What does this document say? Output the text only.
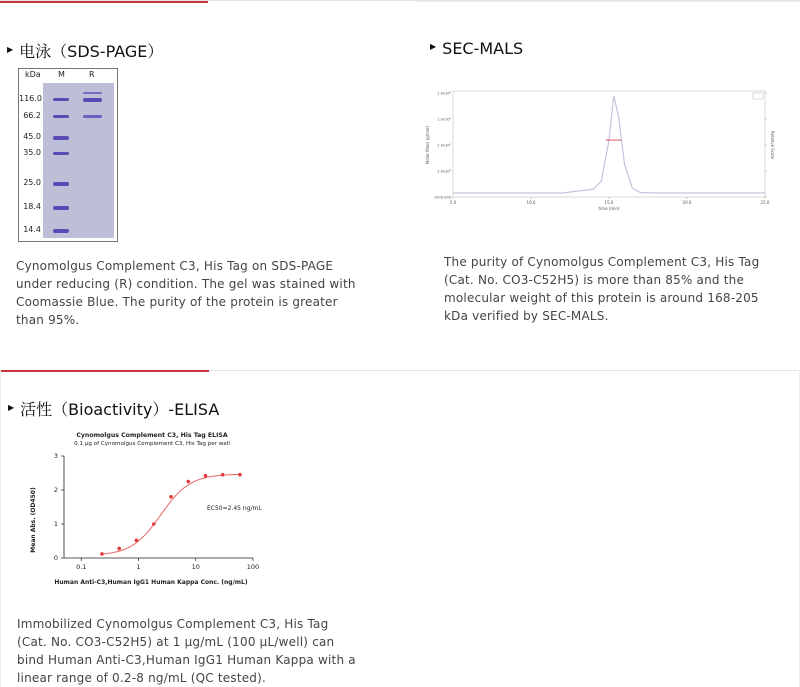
▶ 电泳（SDS-PAGE）
kDa M	R
116.0
66.2
45.0
35.0
25.0
18.4
14.4
Cynomolgus Complement C3, His Tag on SDS-PAGE under reducing (R) condition. The gel was stained with Coomassie Blue. The purity of the protein is greater than 95%.
▶ SEC-MALS
1000.000
1.0x10⁶
1.0x10⁶
1.0x10⁶
1.0x10⁶
5.0	10.0	15.0	20.0	25.0
Molar Mass (g/mol)	Relative Scale
time (min)
The purity of Cynomolgus Complement C3, His Tag (Cat. No. CO3-C52H5) is more than 85% and the molecular weight of this protein is around 168-205 kDa verified by SEC-MALS.
▶ 活性（Bioactivity）-ELISA
Immobilized Cynomolgus Complement C3, His Tag (Cat. No. CO3-C52H5) at 1 µg/mL (100 µL/well) can bind Human Anti-C3,Human IgG1 Human Kappa with a linear range of 0.2-8 ng/mL (QC tested).
Cynomolgus Complement C3, His Tag ELISA
0.1 µg of Cynomolgus Complement C3, His Tag per well
Mean Abs. (OD450)
Human Anti-C3,Human IgG1 Human Kappa Conc. (ng/mL)
EC50=2.45 ng/mL
0
1
2
3
0.1	1	10	100
